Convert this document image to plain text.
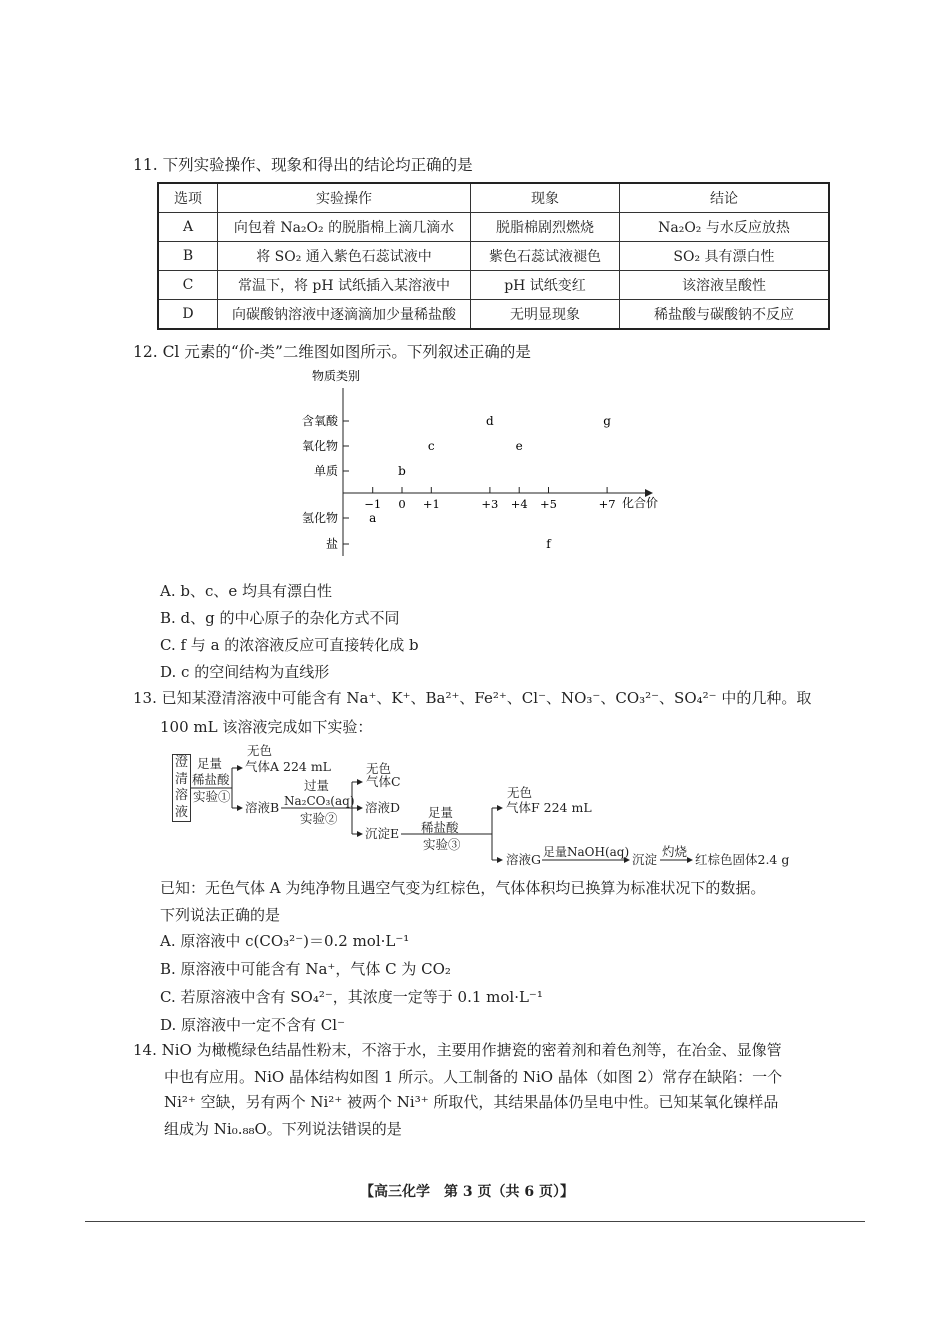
11. 下列实验操作、现象和得出的结论均正确的是
选项	实验操作	现象	结论
A	向包着 Na₂O₂ 的脱脂棉上滴几滴水	脱脂棉剧烈燃烧	Na₂O₂ 与水反应放热
B	将 SO₂ 通入紫色石蕊试液中	紫色石蕊试液褪色	SO₂ 具有漂白性
C	常温下，将 pH 试纸插入某溶液中	pH 试纸变红	该溶液呈酸性
D	向碳酸钠溶液中逐滴滴加少量稀盐酸	无明显现象	稀盐酸与碳酸钠不反应
12. Cl 元素的“价-类”二维图如图所示。下列叙述正确的是
物质类别
化合价
含氧酸
氧化物
单质
氢化物
盐
−1 0 +1	+3 +4 +5	+7
a
b
c
d
e
f
g
A. b、c、e 均具有漂白性
B. d、g 的中心原子的杂化方式不同
C. f 与 a 的浓溶液反应可直接转化成 b
D. c 的空间结构为直线形
13. 已知某澄清溶液中可能含有 Na⁺、K⁺、Ba²⁺、Fe²⁺、Cl⁻、NO₃⁻、CO₃²⁻、SO₄²⁻ 中的几种。取
100 mL 该溶液完成如下实验：
澄清溶液
足量
稀盐酸
实验①
无色
气体A 224 mL
溶液B
过量
Na₂CO₃(aq)
实验②
无色
气体C
溶液D
沉淀E
足量
稀盐酸
实验③
无色
气体F 224 mL
溶液G 足量NaOH(aq) 沉淀
灼烧
红棕色固体2.4 g
已知：无色气体 A 为纯净物且遇空气变为红棕色，气体体积均已换算为标准状况下的数据。
下列说法正确的是
A. 原溶液中 c(CO₃²⁻)＝0.2 mol·L⁻¹
B. 原溶液中可能含有 Na⁺，气体 C 为 CO₂
C. 若原溶液中含有 SO₄²⁻，其浓度一定等于 0.1 mol·L⁻¹
D. 原溶液中一定不含有 Cl⁻
14. NiO 为橄榄绿色结晶性粉末，不溶于水，主要用作搪瓷的密着剂和着色剂等，在冶金、显像管
中也有应用。NiO 晶体结构如图 1 所示。人工制备的 NiO 晶体（如图 2）常存在缺陷：一个
Ni²⁺ 空缺，另有两个 Ni²⁺ 被两个 Ni³⁺ 所取代，其结果晶体仍呈电中性。已知某氧化镍样品
组成为 Ni₀.₈₈O。下列说法错误的是
【高三化学　第 3 页（共 6 页）】
